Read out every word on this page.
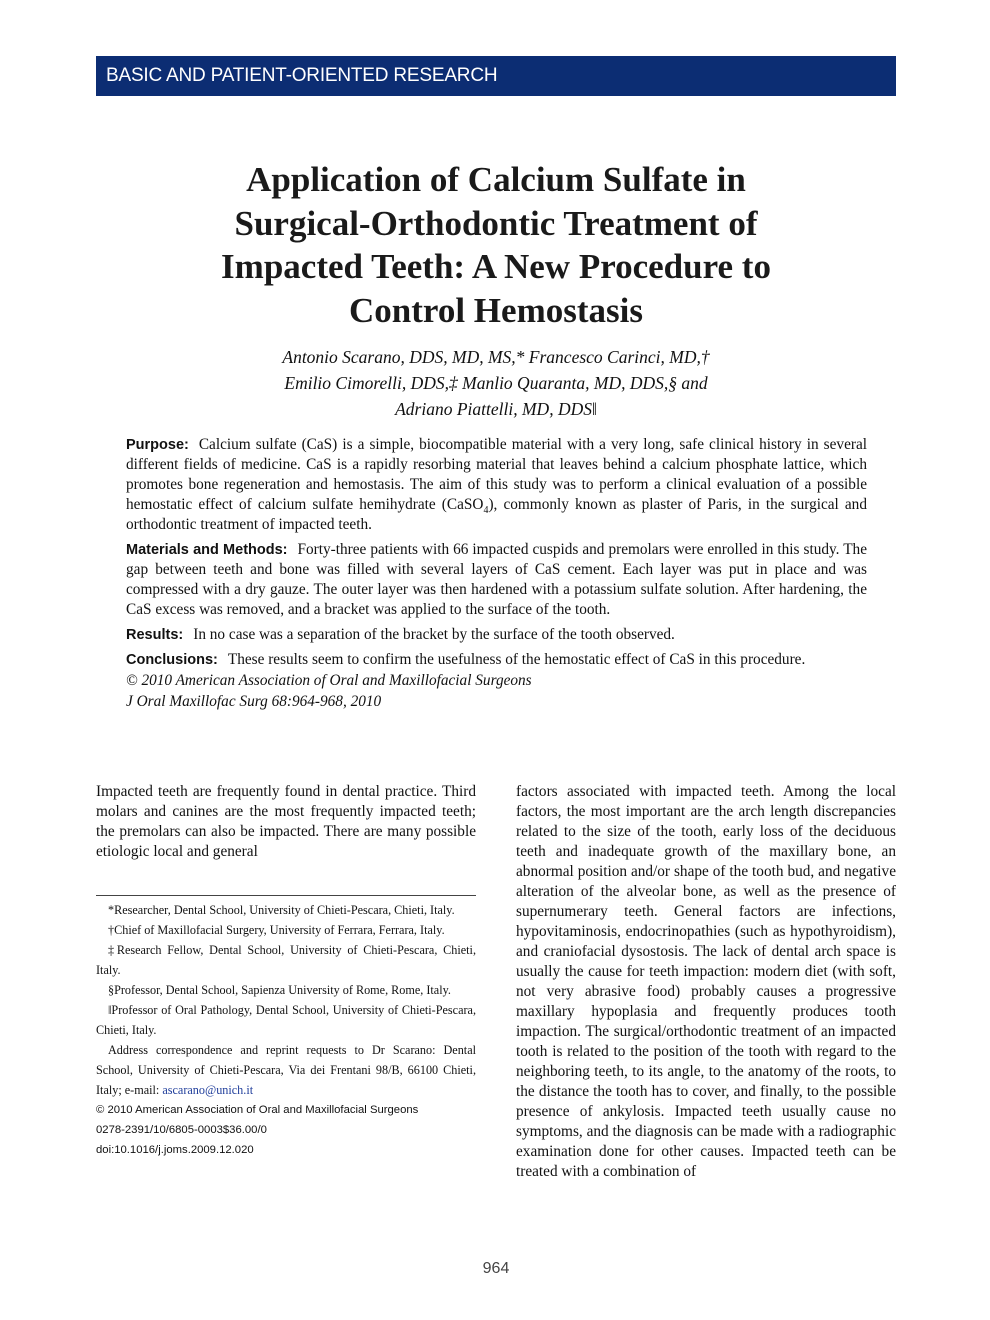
BASIC AND PATIENT-ORIENTED RESEARCH
Application of Calcium Sulfate in
Surgical-Orthodontic Treatment of
Impacted Teeth: A New Procedure to
Control Hemostasis
Antonio Scarano, DDS, MD, MS,* Francesco Carinci, MD,†
Emilio Cimorelli, DDS,‡ Manlio Quaranta, MD, DDS,§ and
Adriano Piattelli, MD, DDS‖

Purpose: Calcium sulfate (CaS) is a simple, biocompatible material with a very long, safe clinical history in several different fields of medicine. CaS is a rapidly resorbing material that leaves behind a calcium phosphate lattice, which promotes bone regeneration and hemostasis. The aim of this study was to perform a clinical evaluation of a possible hemostatic effect of calcium sulfate hemihydrate (CaSO$_4$), commonly known as plaster of Paris, in the surgical and orthodontic treatment of impacted teeth.

Materials and Methods: Forty-three patients with 66 impacted cuspids and premolars were enrolled in this study. The gap between teeth and bone was filled with several layers of CaS cement. Each layer was put in place and was compressed with a dry gauze. The outer layer was then hardened with a potassium sulfate solution. After hardening, the CaS excess was removed, and a bracket was applied to the surface of the tooth.

Results: In no case was a separation of the bracket by the surface of the tooth observed.

Conclusions: These results seem to confirm the usefulness of the hemostatic effect of CaS in this procedure.

© 2010 American Association of Oral and Maxillofacial Surgeons

J Oral Maxillofac Surg 68:964-968, 2010

Impacted teeth are frequently found in dental practice. Third molars and canines are the most frequently impacted teeth; the premolars can also be impacted. There are many possible etiologic local and general

*Researcher, Dental School, University of Chieti-Pescara, Chieti, Italy.

†Chief of Maxillofacial Surgery, University of Ferrara, Ferrara, Italy.

‡Research Fellow, Dental School, University of Chieti-Pescara, Chieti, Italy.

§Professor, Dental School, Sapienza University of Rome, Rome, Italy.

‖Professor of Oral Pathology, Dental School, University of Chieti-Pescara, Chieti, Italy.

Address correspondence and reprint requests to Dr Scarano: Dental School, University of Chieti-Pescara, Via dei Frentani 98/B, 66100 Chieti, Italy; e-mail: ascarano@unich.it

© 2010 American Association of Oral and Maxillofacial Surgeons

0278-2391/10/6805-0003$36.00/0

doi:10.1016/j.joms.2009.12.020

factors associated with impacted teeth. Among the local factors, the most important are the arch length discrepancies related to the size of the tooth, early loss of the deciduous teeth and inadequate growth of the maxillary bone, an abnormal position and/or shape of the tooth bud, and negative alteration of the alveolar bone, as well as the presence of supernumerary teeth. General factors are infections, hypovitaminosis, endocrinopathies (such as hypothyroidism), and craniofacial dysostosis. The lack of dental arch space is usually the cause for teeth impaction: modern diet (with soft, not very abrasive food) probably causes a progressive maxillary hypoplasia and frequently produces tooth impaction. The surgical/orthodontic treatment of an impacted tooth is related to the position of the tooth with regard to the neighboring teeth, to its angle, to the anatomy of the roots, to the distance the tooth has to cover, and finally, to the possible presence of ankylosis. Impacted teeth usually cause no symptoms, and the diagnosis can be made with a radiographic examination done for other causes. Impacted teeth can be treated with a combination of

964
